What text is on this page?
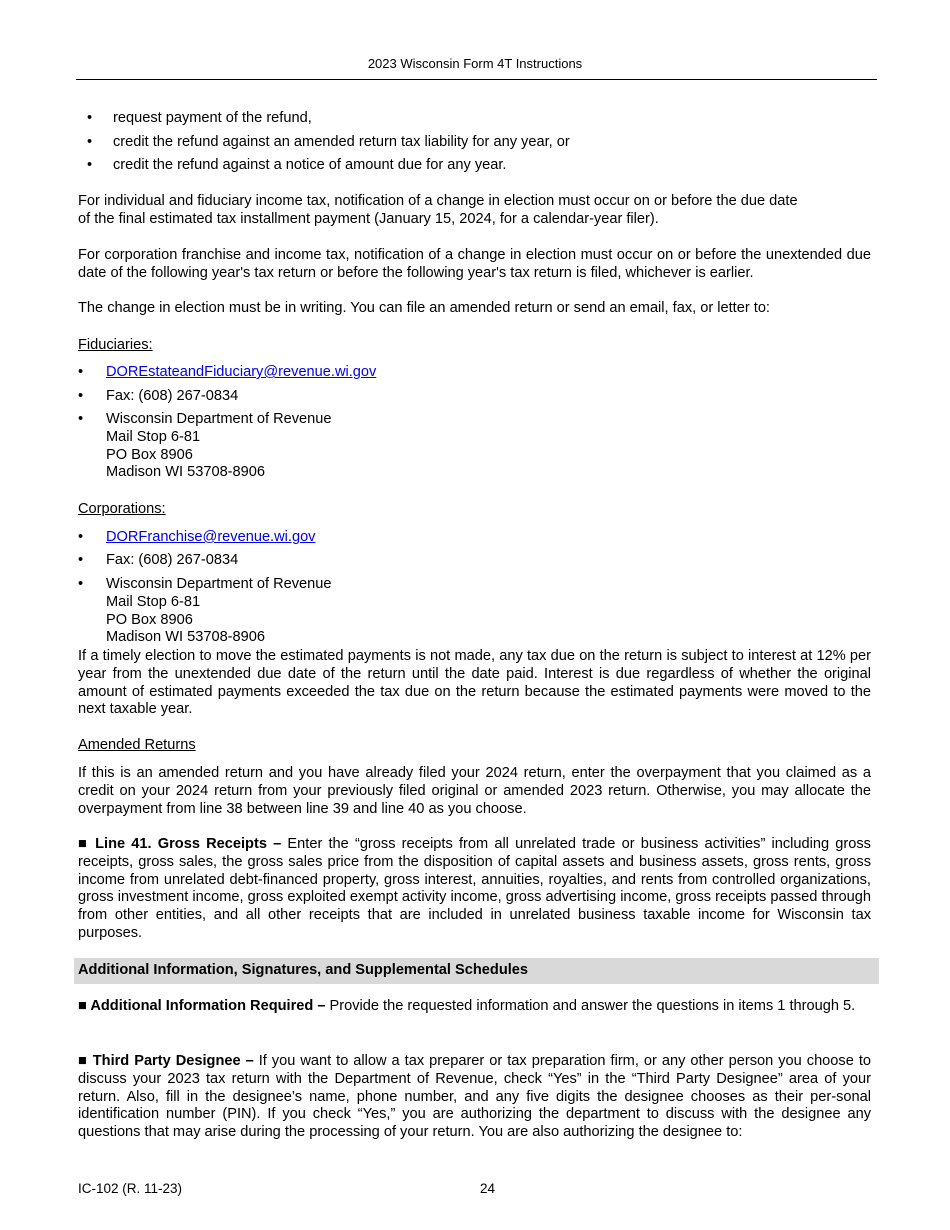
2023 Wisconsin Form 4T Instructions
• request payment of the refund,
• credit the refund against an amended return tax liability for any year, or
• credit the refund against a notice of amount due for any year.
For individual and fiduciary income tax, notification of a change in election must occur on or before the due date
of the final estimated tax installment payment (January 15, 2024, for a calendar-year filer).
For corporation franchise and income tax, notification of a change in election must occur on or before the unextended due date of the following year's tax return or before the following year's tax return is filed, whichever is earlier.
The change in election must be in writing. You can file an amended return or send an email, fax, or letter to:
Fiduciaries:
• DOREstateandFiduciary@revenue.wi.gov
• Fax: (608) 267-0834
• Wisconsin Department of Revenue
Mail Stop 6-81
PO Box 8906
Madison WI 53708-8906
Corporations:
• DORFranchise@revenue.wi.gov
• Fax: (608) 267-0834
• Wisconsin Department of Revenue
Mail Stop 6-81
PO Box 8906
Madison WI 53708-8906
If a timely election to move the estimated payments is not made, any tax due on the return is subject to interest at 12% per year from the unextended due date of the return until the date paid. Interest is due regardless of whether the original amount of estimated payments exceeded the tax due on the return because the estimated payments were moved to the next taxable year.
Amended Returns
If this is an amended return and you have already filed your 2024 return, enter the overpayment that you claimed as a credit on your 2024 return from your previously filed original or amended 2023 return. Otherwise, you may allocate the overpayment from line 38 between line 39 and line 40 as you choose.
■ Line 41. Gross Receipts – Enter the “gross receipts from all unrelated trade or business activities” including gross receipts, gross sales, the gross sales price from the disposition of capital assets and business assets, gross rents, gross income from unrelated debt-financed property, gross interest, annuities, royalties, and rents from controlled organizations, gross investment income, gross exploited exempt activity income, gross advertising income, gross receipts passed through from other entities, and all other receipts that are included in unrelated business taxable income for Wisconsin tax purposes.
Additional Information, Signatures, and Supplemental Schedules
■ Additional Information Required – Provide the requested information and answer the questions in items 1 through 5.
■ Third Party Designee – If you want to allow a tax preparer or tax preparation firm, or any other person you choose to discuss your 2023 tax return with the Department of Revenue, check “Yes” in the “Third Party Designee” area of your return. Also, fill in the designee’s name, phone number, and any five digits the designee chooses as their per-sonal identification number (PIN). If you check “Yes,” you are authorizing the department to discuss with the designee any questions that may arise during the processing of your return. You are also authorizing the designee to:
IC-102 (R. 11-23)	24
